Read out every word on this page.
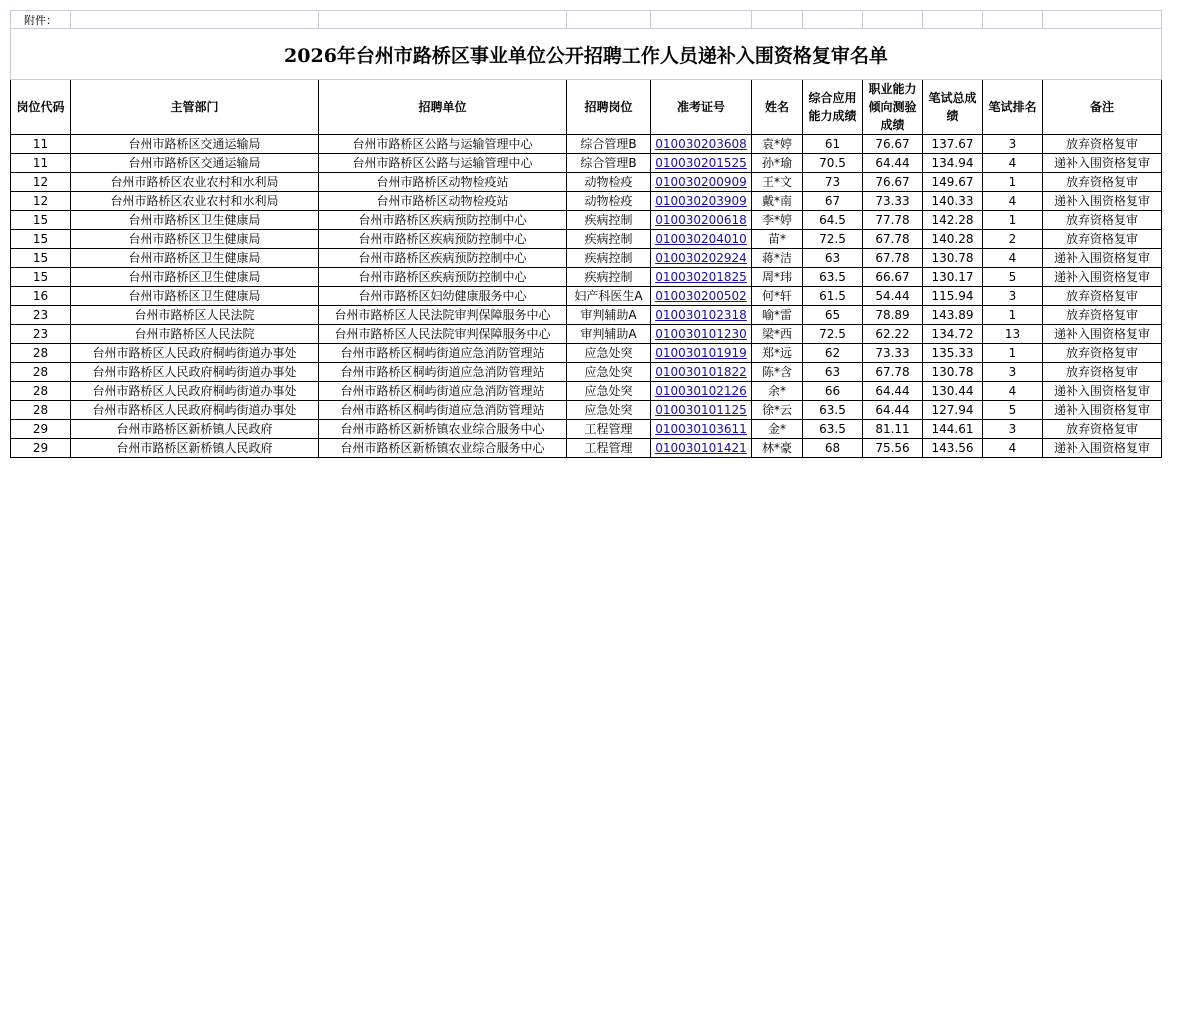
附件：										
2026年台州市路桥区事业单位公开招聘工作人员递补入围资格复审名单										
岗位代码	主管部门	招聘单位	招聘岗位	准考证号	姓名	综合应用能力成绩	职业能力倾向测验成绩	笔试总成绩	笔试排名	备注
11	台州市路桥区交通运输局	台州市路桥区公路与运输管理中心	综合管理B	010030203608	袁*婷	61	76.67	137.67	3	放弃资格复审
11	台州市路桥区交通运输局	台州市路桥区公路与运输管理中心	综合管理B	010030201525	孙*瑜	70.5	64.44	134.94	4	递补入围资格复审
12	台州市路桥区农业农村和水利局	台州市路桥区动物检疫站	动物检疫	010030200909	王*文	73	76.67	149.67	1	放弃资格复审
12	台州市路桥区农业农村和水利局	台州市路桥区动物检疫站	动物检疫	010030203909	戴*南	67	73.33	140.33	4	递补入围资格复审
15	台州市路桥区卫生健康局	台州市路桥区疾病预防控制中心	疾病控制	010030200618	李*婷	64.5	77.78	142.28	1	放弃资格复审
15	台州市路桥区卫生健康局	台州市路桥区疾病预防控制中心	疾病控制	010030204010	苗*	72.5	67.78	140.28	2	放弃资格复审
15	台州市路桥区卫生健康局	台州市路桥区疾病预防控制中心	疾病控制	010030202924	蒋*洁	63	67.78	130.78	4	递补入围资格复审
15	台州市路桥区卫生健康局	台州市路桥区疾病预防控制中心	疾病控制	010030201825	周*玮	63.5	66.67	130.17	5	递补入围资格复审
16	台州市路桥区卫生健康局	台州市路桥区妇幼健康服务中心	妇产科医生A	010030200502	何*轩	61.5	54.44	115.94	3	放弃资格复审
23	台州市路桥区人民法院	台州市路桥区人民法院审判保障服务中心	审判辅助A	010030102318	喻*雷	65	78.89	143.89	1	放弃资格复审
23	台州市路桥区人民法院	台州市路桥区人民法院审判保障服务中心	审判辅助A	010030101230	梁*西	72.5	62.22	134.72	13	递补入围资格复审
28	台州市路桥区人民政府桐屿街道办事处	台州市路桥区桐屿街道应急消防管理站	应急处突	010030101919	郑*远	62	73.33	135.33	1	放弃资格复审
28	台州市路桥区人民政府桐屿街道办事处	台州市路桥区桐屿街道应急消防管理站	应急处突	010030101822	陈*含	63	67.78	130.78	3	放弃资格复审
28	台州市路桥区人民政府桐屿街道办事处	台州市路桥区桐屿街道应急消防管理站	应急处突	010030102126	余*	66	64.44	130.44	4	递补入围资格复审
28	台州市路桥区人民政府桐屿街道办事处	台州市路桥区桐屿街道应急消防管理站	应急处突	010030101125	徐*云	63.5	64.44	127.94	5	递补入围资格复审
29	台州市路桥区新桥镇人民政府	台州市路桥区新桥镇农业综合服务中心	工程管理	010030103611	金*	63.5	81.11	144.61	3	放弃资格复审
29	台州市路桥区新桥镇人民政府	台州市路桥区新桥镇农业综合服务中心	工程管理	010030101421	林*豪	68	75.56	143.56	4	递补入围资格复审
